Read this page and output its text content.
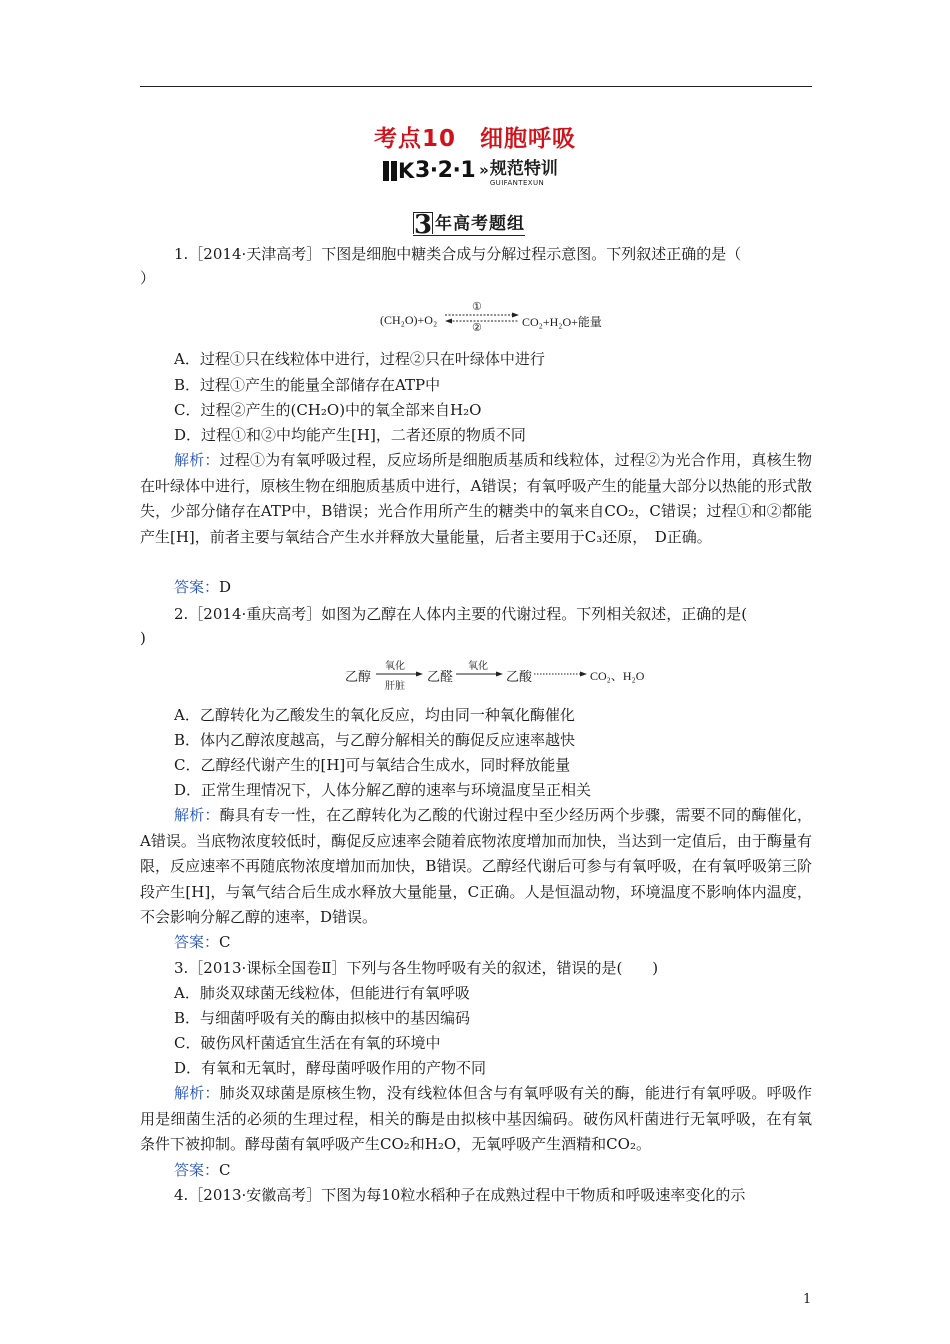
考点10　细胞呼吸
K 3·2·1 » 规范特训
GUIFANTEXUN
3 年高考题组
1.［2014·天津高考］下图是细胞中糖类合成与分解过程示意图。下列叙述正确的是（
）
(CH₂O)+O₂
①
②	CO₂+H₂O+能量
A．过程①只在线粒体中进行，过程②只在叶绿体中进行
B．过程①产生的能量全部储存在ATP中
C．过程②产生的(CH₂O)中的氧全部来自H₂O
D．过程①和②中均能产生[H]，二者还原的物质不同
解析：过程①为有氧呼吸过程，反应场所是细胞质基质和线粒体，过程②为光合作用，真核生物在叶绿体中进行，原核生物在细胞质基质中进行，A错误；有氧呼吸产生的能量大部分以热能的形式散失，少部分储存在ATP中，B错误；光合作用所产生的糖类中的氧来自CO₂，C错误；过程①和②都能产生[H]，前者主要与氧结合产生水并释放大量能量，后者主要用于C₃还原，　D正确。
答案：D
2.［2014·重庆高考］如图为乙醇在人体内主要的代谢过程。下列相关叙述，正确的是(
)
乙醇
氧化
肝脏
乙醛
氧化
乙酸	CO₂、H₂O
A．乙醇转化为乙酸发生的氧化反应，均由同一种氧化酶催化
B．体内乙醇浓度越高，与乙醇分解相关的酶促反应速率越快
C．乙醇经代谢产生的[H]可与氧结合生成水，同时释放能量
D．正常生理情况下，人体分解乙醇的速率与环境温度呈正相关
解析：酶具有专一性，在乙醇转化为乙酸的代谢过程中至少经历两个步骤，需要不同的酶催化，A错误。当底物浓度较低时，酶促反应速率会随着底物浓度增加而加快，当达到一定值后，由于酶量有限，反应速率不再随底物浓度增加而加快，B错误。乙醇经代谢后可参与有氧呼吸，在有氧呼吸第三阶段产生[H]，与氧气结合后生成水释放大量能量，C正确。人是恒温动物，环境温度不影响体内温度，不会影响分解乙醇的速率，D错误。
答案：C
3.［2013·课标全国卷Ⅱ］下列与各生物呼吸有关的叙述，错误的是(　　)
A．肺炎双球菌无线粒体，但能进行有氧呼吸
B．与细菌呼吸有关的酶由拟核中的基因编码
C．破伤风杆菌适宜生活在有氧的环境中
D．有氧和无氧时，酵母菌呼吸作用的产物不同
解析：肺炎双球菌是原核生物，没有线粒体但含与有氧呼吸有关的酶，能进行有氧呼吸。呼吸作用是细菌生活的必须的生理过程，相关的酶是由拟核中基因编码。破伤风杆菌进行无氧呼吸，在有氧条件下被抑制。酵母菌有氧呼吸产生CO₂和H₂O，无氧呼吸产生酒精和CO₂。
答案：C
4.［2013·安徽高考］下图为每10粒水稻种子在成熟过程中干物质和呼吸速率变化的示
1
